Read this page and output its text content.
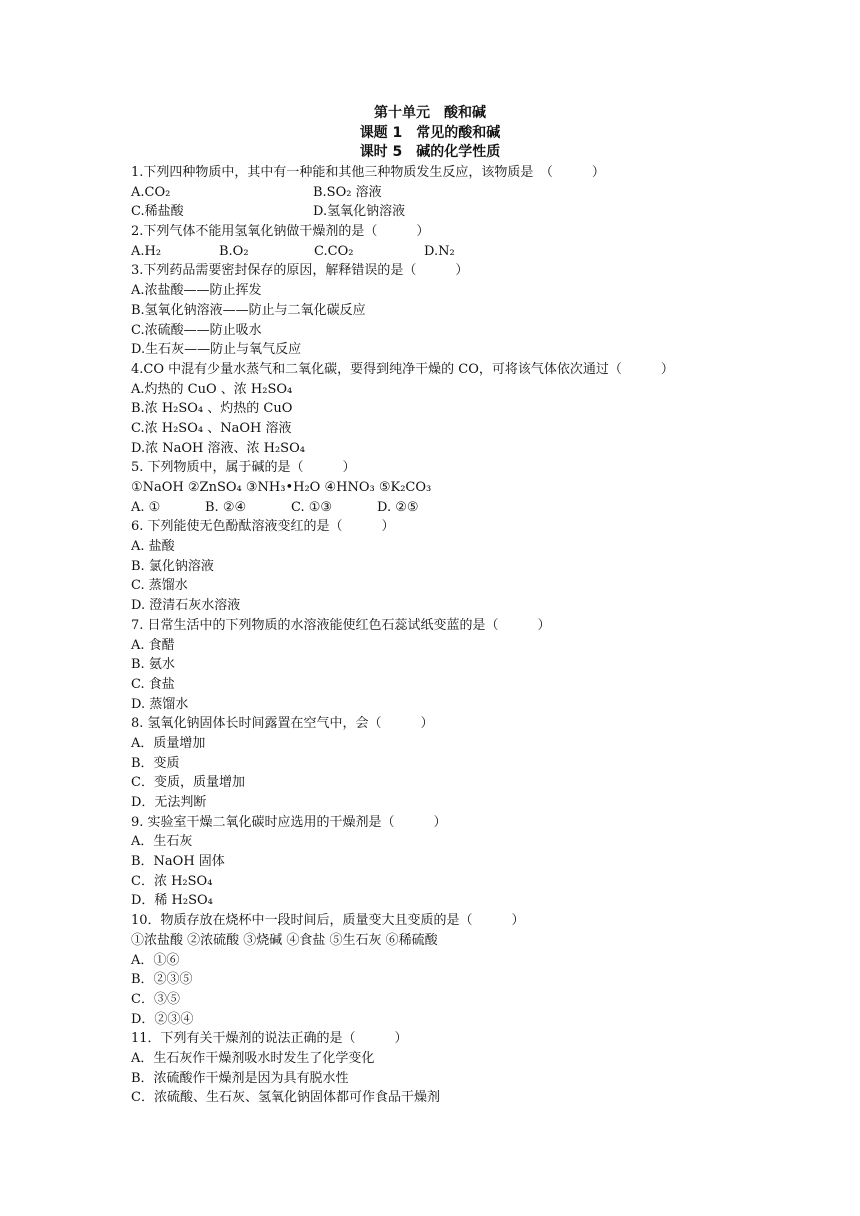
第十单元　酸和碱
课题 1　常见的酸和碱
课时 5　碱的化学性质
1.下列四种物质中，其中有一种能和其他三种物质发生反应，该物质是　（　　　）
A.CO₂	B.SO₂ 溶液
C.稀盐酸	D.氢氧化钠溶液
2.下列气体不能用氢氧化钠做干燥剂的是（　　　）
A.H₂	B.O₂	C.CO₂	D.N₂
3.下列药品需要密封保存的原因，解释错误的是（　　　）
A.浓盐酸——防止挥发
B.氢氧化钠溶液——防止与二氧化碳反应
C.浓硫酸——防止吸水
D.生石灰——防止与氧气反应
4.CO 中混有少量水蒸气和二氧化碳，要得到纯净干燥的 CO，可将该气体依次通过（　　　）
A.灼热的 CuO 、浓 H₂SO₄
B.浓 H₂SO₄ 、灼热的 CuO
C.浓 H₂SO₄ 、NaOH 溶液
D.浓 NaOH 溶液、浓 H₂SO₄
5. 下列物质中，属于碱的是（　　　）
①NaOH ②ZnSO₄ ③NH₃•H₂O ④HNO₃ ⑤K₂CO₃
A. ①	B. ②④	C. ①③	D. ②⑤
6. 下列能使无色酚酞溶液变红的是（　　　）
A. 盐酸
B. 氯化钠溶液
C. 蒸馏水
D. 澄清石灰水溶液
7. 日常生活中的下列物质的水溶液能使红色石蕊试纸变蓝的是（　　　）
A. 食醋
B. 氨水
C. 食盐
D. 蒸馏水
8. 氢氧化钠固体长时间露置在空气中，会（　　　）
A．质量增加
B．变质
C．变质，质量增加
D．无法判断
9. 实验室干燥二氧化碳时应选用的干燥剂是（　　　）
A．生石灰
B．NaOH 固体
C．浓 H₂SO₄
D．稀 H₂SO₄
10．物质存放在烧杯中一段时间后，质量变大且变质的是（　　　）
①浓盐酸 ②浓硫酸 ③烧碱 ④食盐 ⑤生石灰 ⑥稀硫酸
A．①⑥
B．②③⑤
C．③⑤
D．②③④
11．下列有关干燥剂的说法正确的是（　　　）
A．生石灰作干燥剂吸水时发生了化学变化
B．浓硫酸作干燥剂是因为具有脱水性
C．浓硫酸、生石灰、氢氧化钠固体都可作食品干燥剂
